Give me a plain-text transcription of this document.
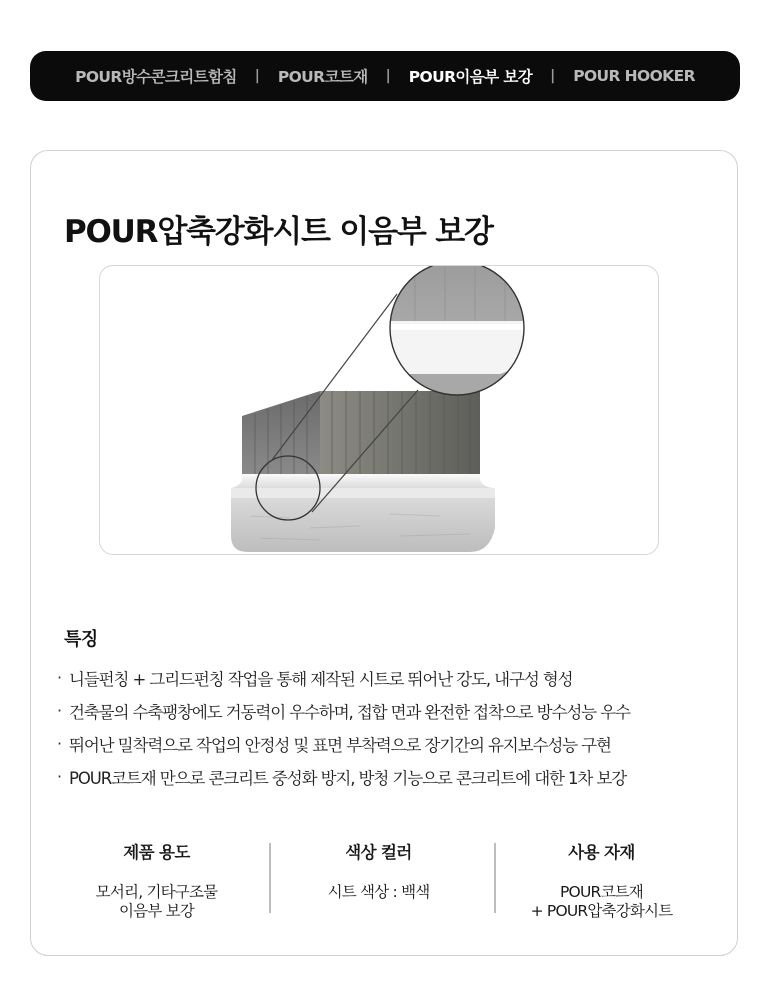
POUR방수콘크리트함침 | POUR코트재 | POUR이음부 보강 | POUR HOOKER
POUR압축강화시트 이음부 보강
특징
· 니들펀칭 + 그리드펀칭 작업을 통해 제작된 시트로 뛰어난 강도, 내구성 형성
· 건축물의 수축팽창에도 거동력이 우수하며, 접합 면과 완전한 접착으로 방수성능 우수
· 뛰어난 밀착력으로 작업의 안정성 및 표면 부착력으로 장기간의 유지보수성능 구현
· POUR코트재 만으로 콘크리트 중성화 방지, 방청 기능으로 콘크리트에 대한 1차 보강
제품 용도
모서리, 기타구조물
이음부 보강
색상 컬러
시트 색상 : 백색
사용 자재
POUR코트재
+ POUR압축강화시트
